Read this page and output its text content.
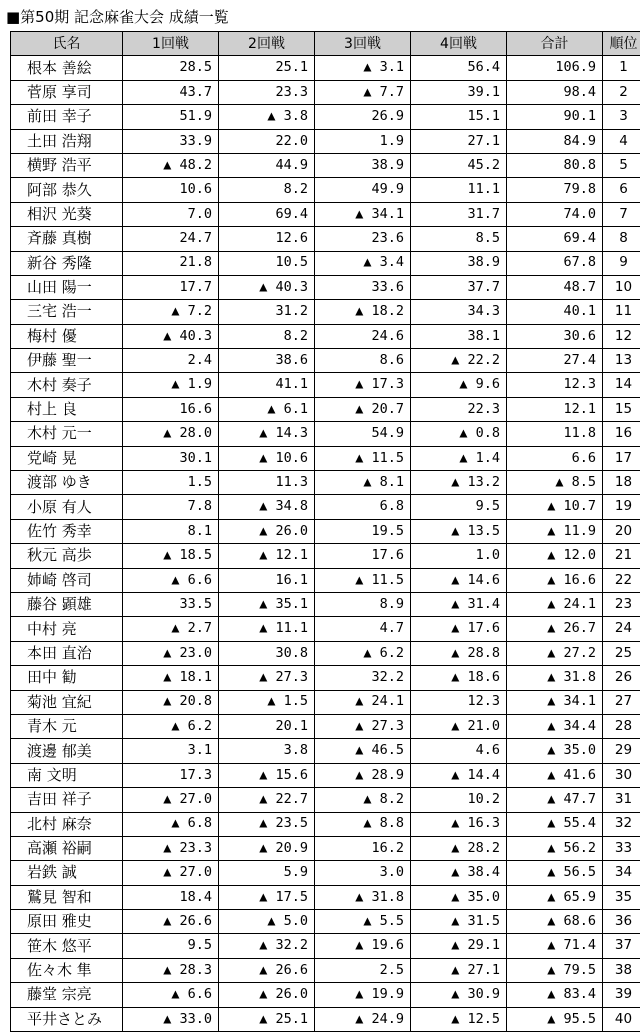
■第50期 記念麻雀大会 成績一覧
氏名	1回戦	2回戦	3回戦	4回戦	合計	順位
根本 善絵	28.5	25.1	▲ 3.1	56.4	106.9	1
菅原 享司	43.7	23.3	▲ 7.7	39.1	98.4	2
前田 幸子	51.9	▲ 3.8	26.9	15.1	90.1	3
土田 浩翔	33.9	22.0	1.9	27.1	84.9	4
横野 浩平	▲ 48.2	44.9	38.9	45.2	80.8	5
阿部 恭久	10.6	8.2	49.9	11.1	79.8	6
相沢 光葵	7.0	69.4	▲ 34.1	31.7	74.0	7
斉藤 真樹	24.7	12.6	23.6	8.5	69.4	8
新谷 秀隆	21.8	10.5	▲ 3.4	38.9	67.8	9
山田 陽一	17.7	▲ 40.3	33.6	37.7	48.7	10
三宅 浩一	▲ 7.2	31.2	▲ 18.2	34.3	40.1	11
梅村 優	▲ 40.3	8.2	24.6	38.1	30.6	12
伊藤 聖一	2.4	38.6	8.6	▲ 22.2	27.4	13
木村 奏子	▲ 1.9	41.1	▲ 17.3	▲ 9.6	12.3	14
村上 良	16.6	▲ 6.1	▲ 20.7	22.3	12.1	15
木村 元一	▲ 28.0	▲ 14.3	54.9	▲ 0.8	11.8	16
党崎 晃	30.1	▲ 10.6	▲ 11.5	▲ 1.4	6.6	17
渡部 ゆき	1.5	11.3	▲ 8.1	▲ 13.2	▲ 8.5	18
小原 有人	7.8	▲ 34.8	6.8	9.5	▲ 10.7	19
佐竹 秀幸	8.1	▲ 26.0	19.5	▲ 13.5	▲ 11.9	20
秋元 高歩	▲ 18.5	▲ 12.1	17.6	1.0	▲ 12.0	21
姉崎 啓司	▲ 6.6	16.1	▲ 11.5	▲ 14.6	▲ 16.6	22
藤谷 顕雄	33.5	▲ 35.1	8.9	▲ 31.4	▲ 24.1	23
中村 亮	▲ 2.7	▲ 11.1	4.7	▲ 17.6	▲ 26.7	24
本田 直治	▲ 23.0	30.8	▲ 6.2	▲ 28.8	▲ 27.2	25
田中 勧	▲ 18.1	▲ 27.3	32.2	▲ 18.6	▲ 31.8	26
菊池 宜紀	▲ 20.8	▲ 1.5	▲ 24.1	12.3	▲ 34.1	27
青木 元	▲ 6.2	20.1	▲ 27.3	▲ 21.0	▲ 34.4	28
渡邊 郁美	3.1	3.8	▲ 46.5	4.6	▲ 35.0	29
南 文明	17.3	▲ 15.6	▲ 28.9	▲ 14.4	▲ 41.6	30
吉田 祥子	▲ 27.0	▲ 22.7	▲ 8.2	10.2	▲ 47.7	31
北村 麻奈	▲ 6.8	▲ 23.5	▲ 8.8	▲ 16.3	▲ 55.4	32
高瀬 裕嗣	▲ 23.3	▲ 20.9	16.2	▲ 28.2	▲ 56.2	33
岩鉄 誠	▲ 27.0	5.9	3.0	▲ 38.4	▲ 56.5	34
鷲見 智和	18.4	▲ 17.5	▲ 31.8	▲ 35.0	▲ 65.9	35
原田 雅史	▲ 26.6	▲ 5.0	▲ 5.5	▲ 31.5	▲ 68.6	36
笹木 悠平	9.5	▲ 32.2	▲ 19.6	▲ 29.1	▲ 71.4	37
佐々木 隼	▲ 28.3	▲ 26.6	2.5	▲ 27.1	▲ 79.5	38
藤堂 宗亮	▲ 6.6	▲ 26.0	▲ 19.9	▲ 30.9	▲ 83.4	39
平井さとみ	▲ 33.0	▲ 25.1	▲ 24.9	▲ 12.5	▲ 95.5	40
